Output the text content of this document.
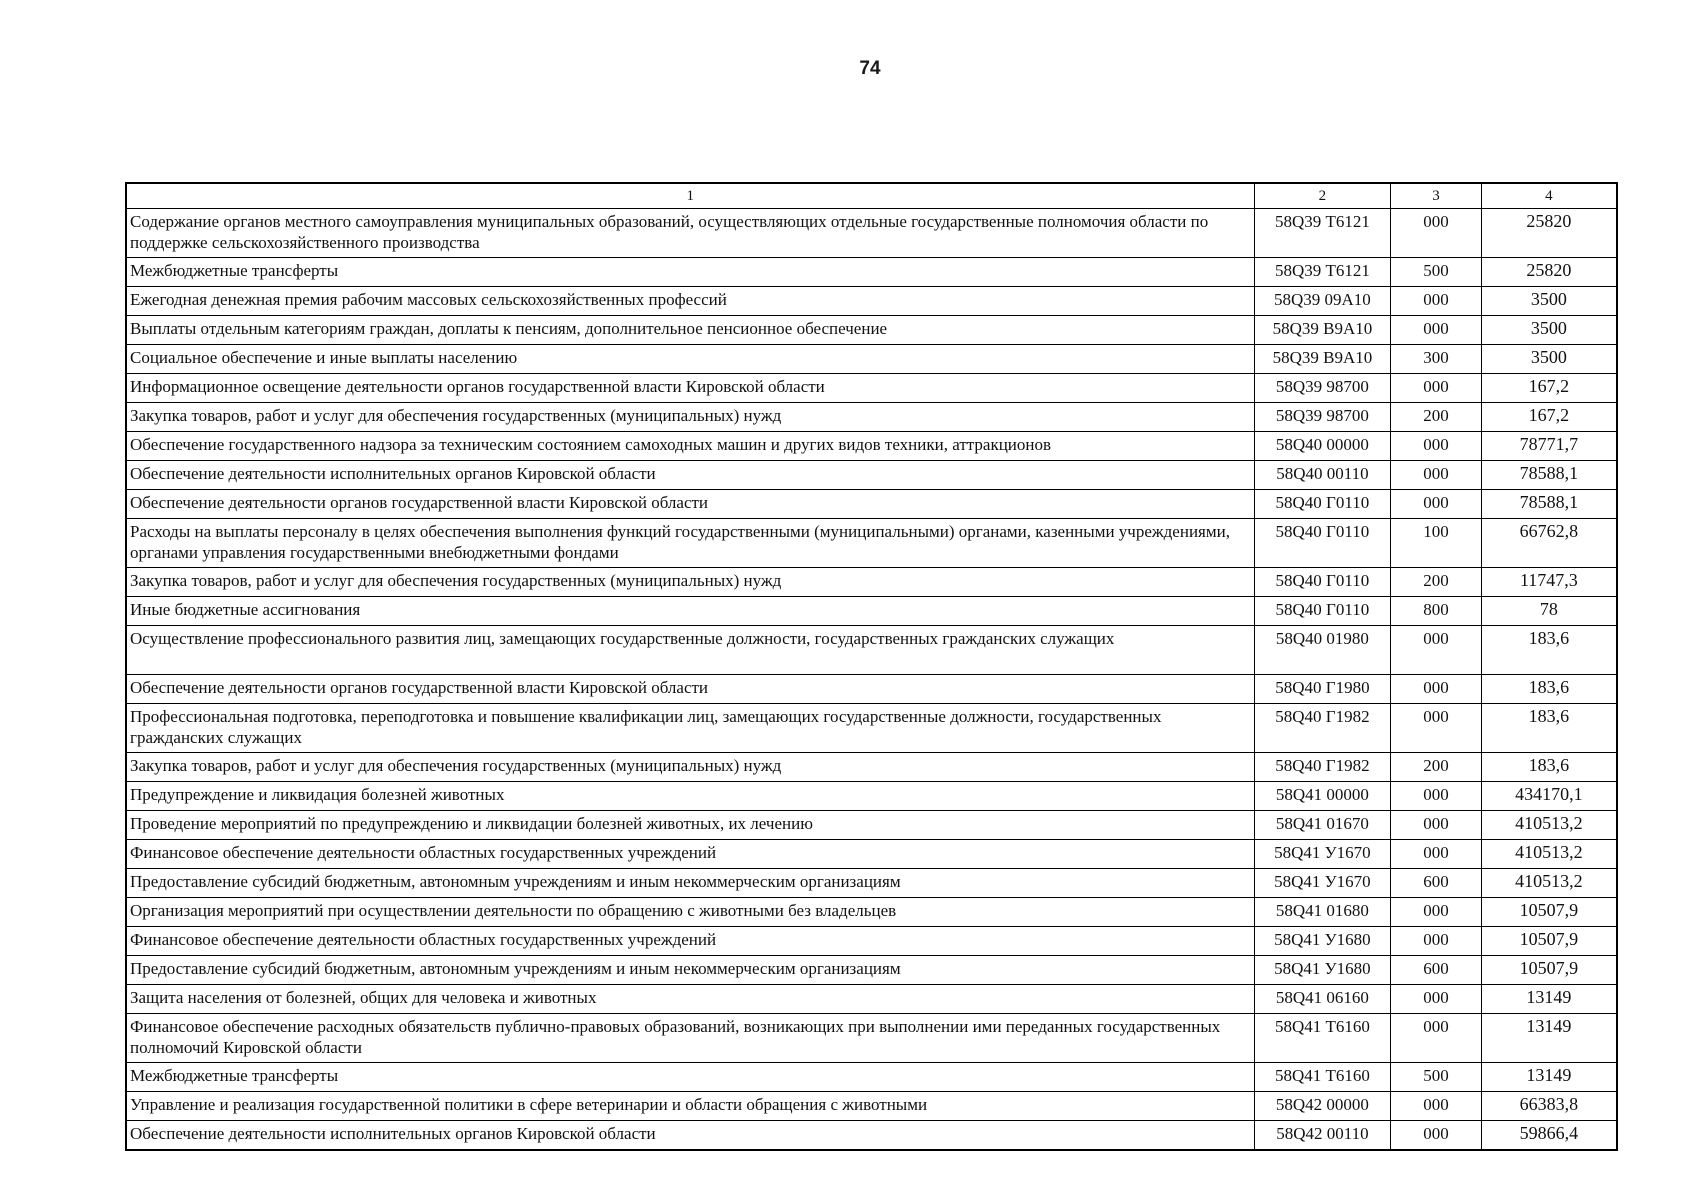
74
1	2	3	4
Содержание органов местного самоуправления муниципальных образований, осуществляющих отдельные государственные полномочия области по поддержке сельскохозяйственного производства	58Q39 Т6121	000	25820
Межбюджетные трансферты	58Q39 Т6121	500	25820
Ежегодная денежная премия рабочим массовых сельскохозяйственных профессий	58Q39 09А10	000	3500
Выплаты отдельным категориям граждан, доплаты к пенсиям, дополнительное пенсионное обеспечение	58Q39 В9А10	000	3500
Социальное обеспечение и иные выплаты населению	58Q39 В9А10	300	3500
Информационное освещение деятельности органов государственной власти Кировской области	58Q39 98700	000	167,2
Закупка товаров, работ и услуг для обеспечения государственных (муниципальных) нужд	58Q39 98700	200	167,2
Обеспечение государственного надзора за техническим состоянием самоходных машин и других видов техники, аттракционов	58Q40 00000	000	78771,7
Обеспечение деятельности исполнительных органов Кировской области	58Q40 00110	000	78588,1
Обеспечение деятельности органов государственной власти Кировской области	58Q40 Г0110	000	78588,1
Расходы на выплаты персоналу в целях обеспечения выполнения функций государственными (муниципальными) органами, казенными учреждениями, органами управления государственными внебюджетными фондами	58Q40 Г0110	100	66762,8
Закупка товаров, работ и услуг для обеспечения государственных (муниципальных) нужд	58Q40 Г0110	200	11747,3
Иные бюджетные ассигнования	58Q40 Г0110	800	78
Осуществление профессионального развития лиц, замещающих государственные должности, государственных гражданских служащих	58Q40 01980	000	183,6
Обеспечение деятельности органов государственной власти Кировской области	58Q40 Г1980	000	183,6
Профессиональная подготовка, переподготовка и повышение квалификации лиц, замещающих государственные должности, государственных гражданских служащих	58Q40 Г1982	000	183,6
Закупка товаров, работ и услуг для обеспечения государственных (муниципальных) нужд	58Q40 Г1982	200	183,6
Предупреждение и ликвидация болезней животных	58Q41 00000	000	434170,1
Проведение мероприятий по предупреждению и ликвидации болезней животных, их лечению	58Q41 01670	000	410513,2
Финансовое обеспечение деятельности областных государственных учреждений	58Q41 У1670	000	410513,2
Предоставление субсидий бюджетным, автономным учреждениям и иным некоммерческим организациям	58Q41 У1670	600	410513,2
Организация мероприятий при осуществлении деятельности по обращению с животными без владельцев	58Q41 01680	000	10507,9
Финансовое обеспечение деятельности областных государственных учреждений	58Q41 У1680	000	10507,9
Предоставление субсидий бюджетным, автономным учреждениям и иным некоммерческим организациям	58Q41 У1680	600	10507,9
Защита населения от болезней, общих для человека и животных	58Q41 06160	000	13149
Финансовое обеспечение расходных обязательств публично-правовых образований, возникающих при выполнении ими переданных государственных полномочий Кировской области	58Q41 Т6160	000	13149
Межбюджетные трансферты	58Q41 Т6160	500	13149
Управление и реализация государственной политики в сфере ветеринарии и области обращения с животными	58Q42 00000	000	66383,8
Обеспечение деятельности исполнительных органов Кировской области	58Q42 00110	000	59866,4
